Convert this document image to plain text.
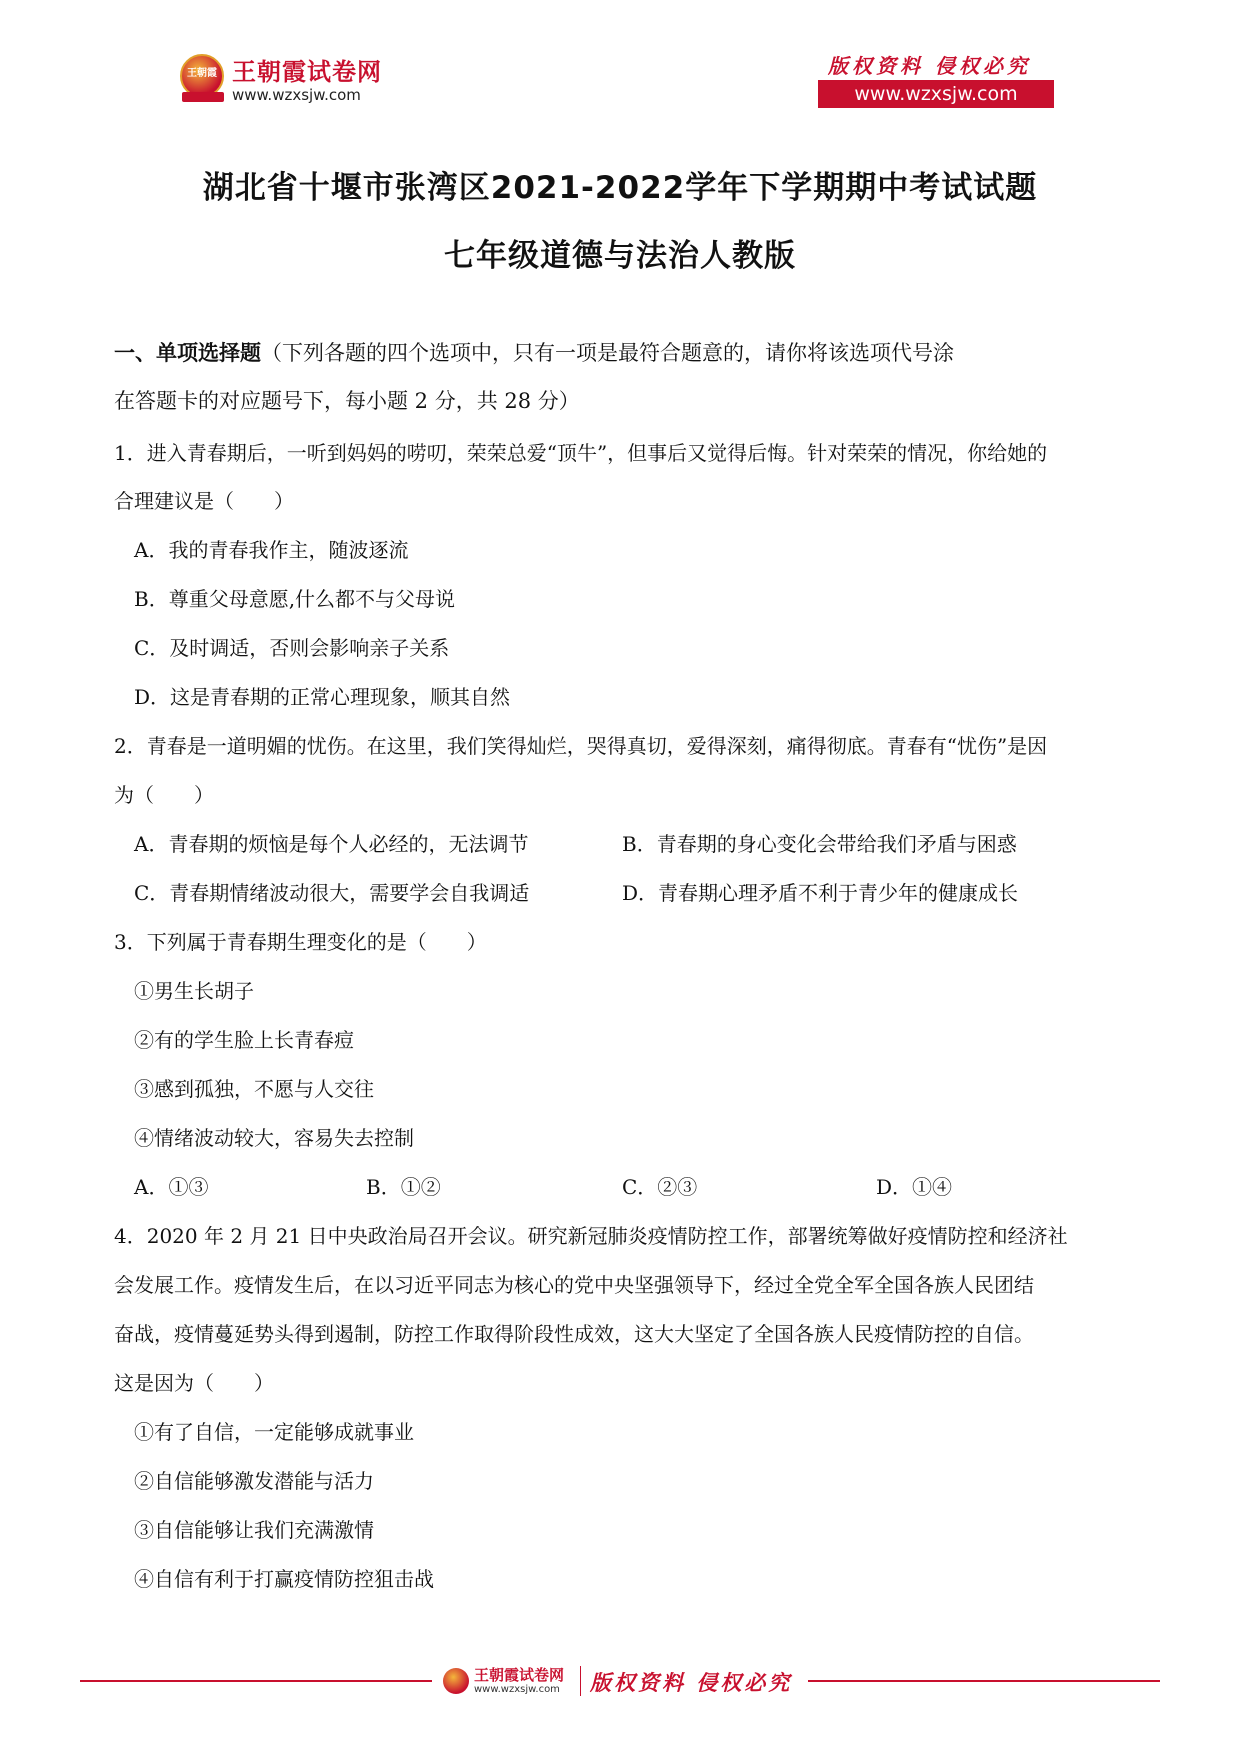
王朝霞 王朝霞试卷网
www.wzxsjw.com
版权资料 侵权必究
www.wzxsjw.com
湖北省十堰市张湾区2021-2022学年下学期期中考试试题
七年级道德与法治人教版
一、单项选择题（下列各题的四个选项中，只有一项是最符合题意的，请你将该选项代号涂
在答题卡的对应题号下，每小题 2 分，共 28 分）
1．进入青春期后，一听到妈妈的唠叨，荣荣总爱“顶牛”，但事后又觉得后悔。针对荣荣的情况，你给她的
合理建议是（　　）
A．我的青春我作主，随波逐流
B．尊重父母意愿,什么都不与父母说
C．及时调适，否则会影响亲子关系
D．这是青春期的正常心理现象，顺其自然
2．青春是一道明媚的忧伤。在这里，我们笑得灿烂，哭得真切，爱得深刻，痛得彻底。青春有“忧伤”是因
为（　　）
A．青春期的烦恼是每个人必经的，无法调节	B．青春期的身心变化会带给我们矛盾与困惑
C．青春期情绪波动很大，需要学会自我调适	D．青春期心理矛盾不利于青少年的健康成长
3．下列属于青春期生理变化的是（　　）
①男生长胡子
②有的学生脸上长青春痘
③感到孤独，不愿与人交往
④情绪波动较大，容易失去控制
A．①③	B．①②	C．②③	D．①④
4．2020 年 2 月 21 日中央政治局召开会议。研究新冠肺炎疫情防控工作，部署统筹做好疫情防控和经济社
会发展工作。疫情发生后，在以习近平同志为核心的党中央坚强领导下，经过全党全军全国各族人民团结
奋战，疫情蔓延势头得到遏制，防控工作取得阶段性成效，这大大坚定了全国各族人民疫情防控的自信。
这是因为（　　）
①有了自信，一定能够成就事业
②自信能够激发潜能与活力
③自信能够让我们充满激情
④自信有利于打赢疫情防控狙击战
王朝霞试卷网
www.wzxsjw.com 版权资料 侵权必究
